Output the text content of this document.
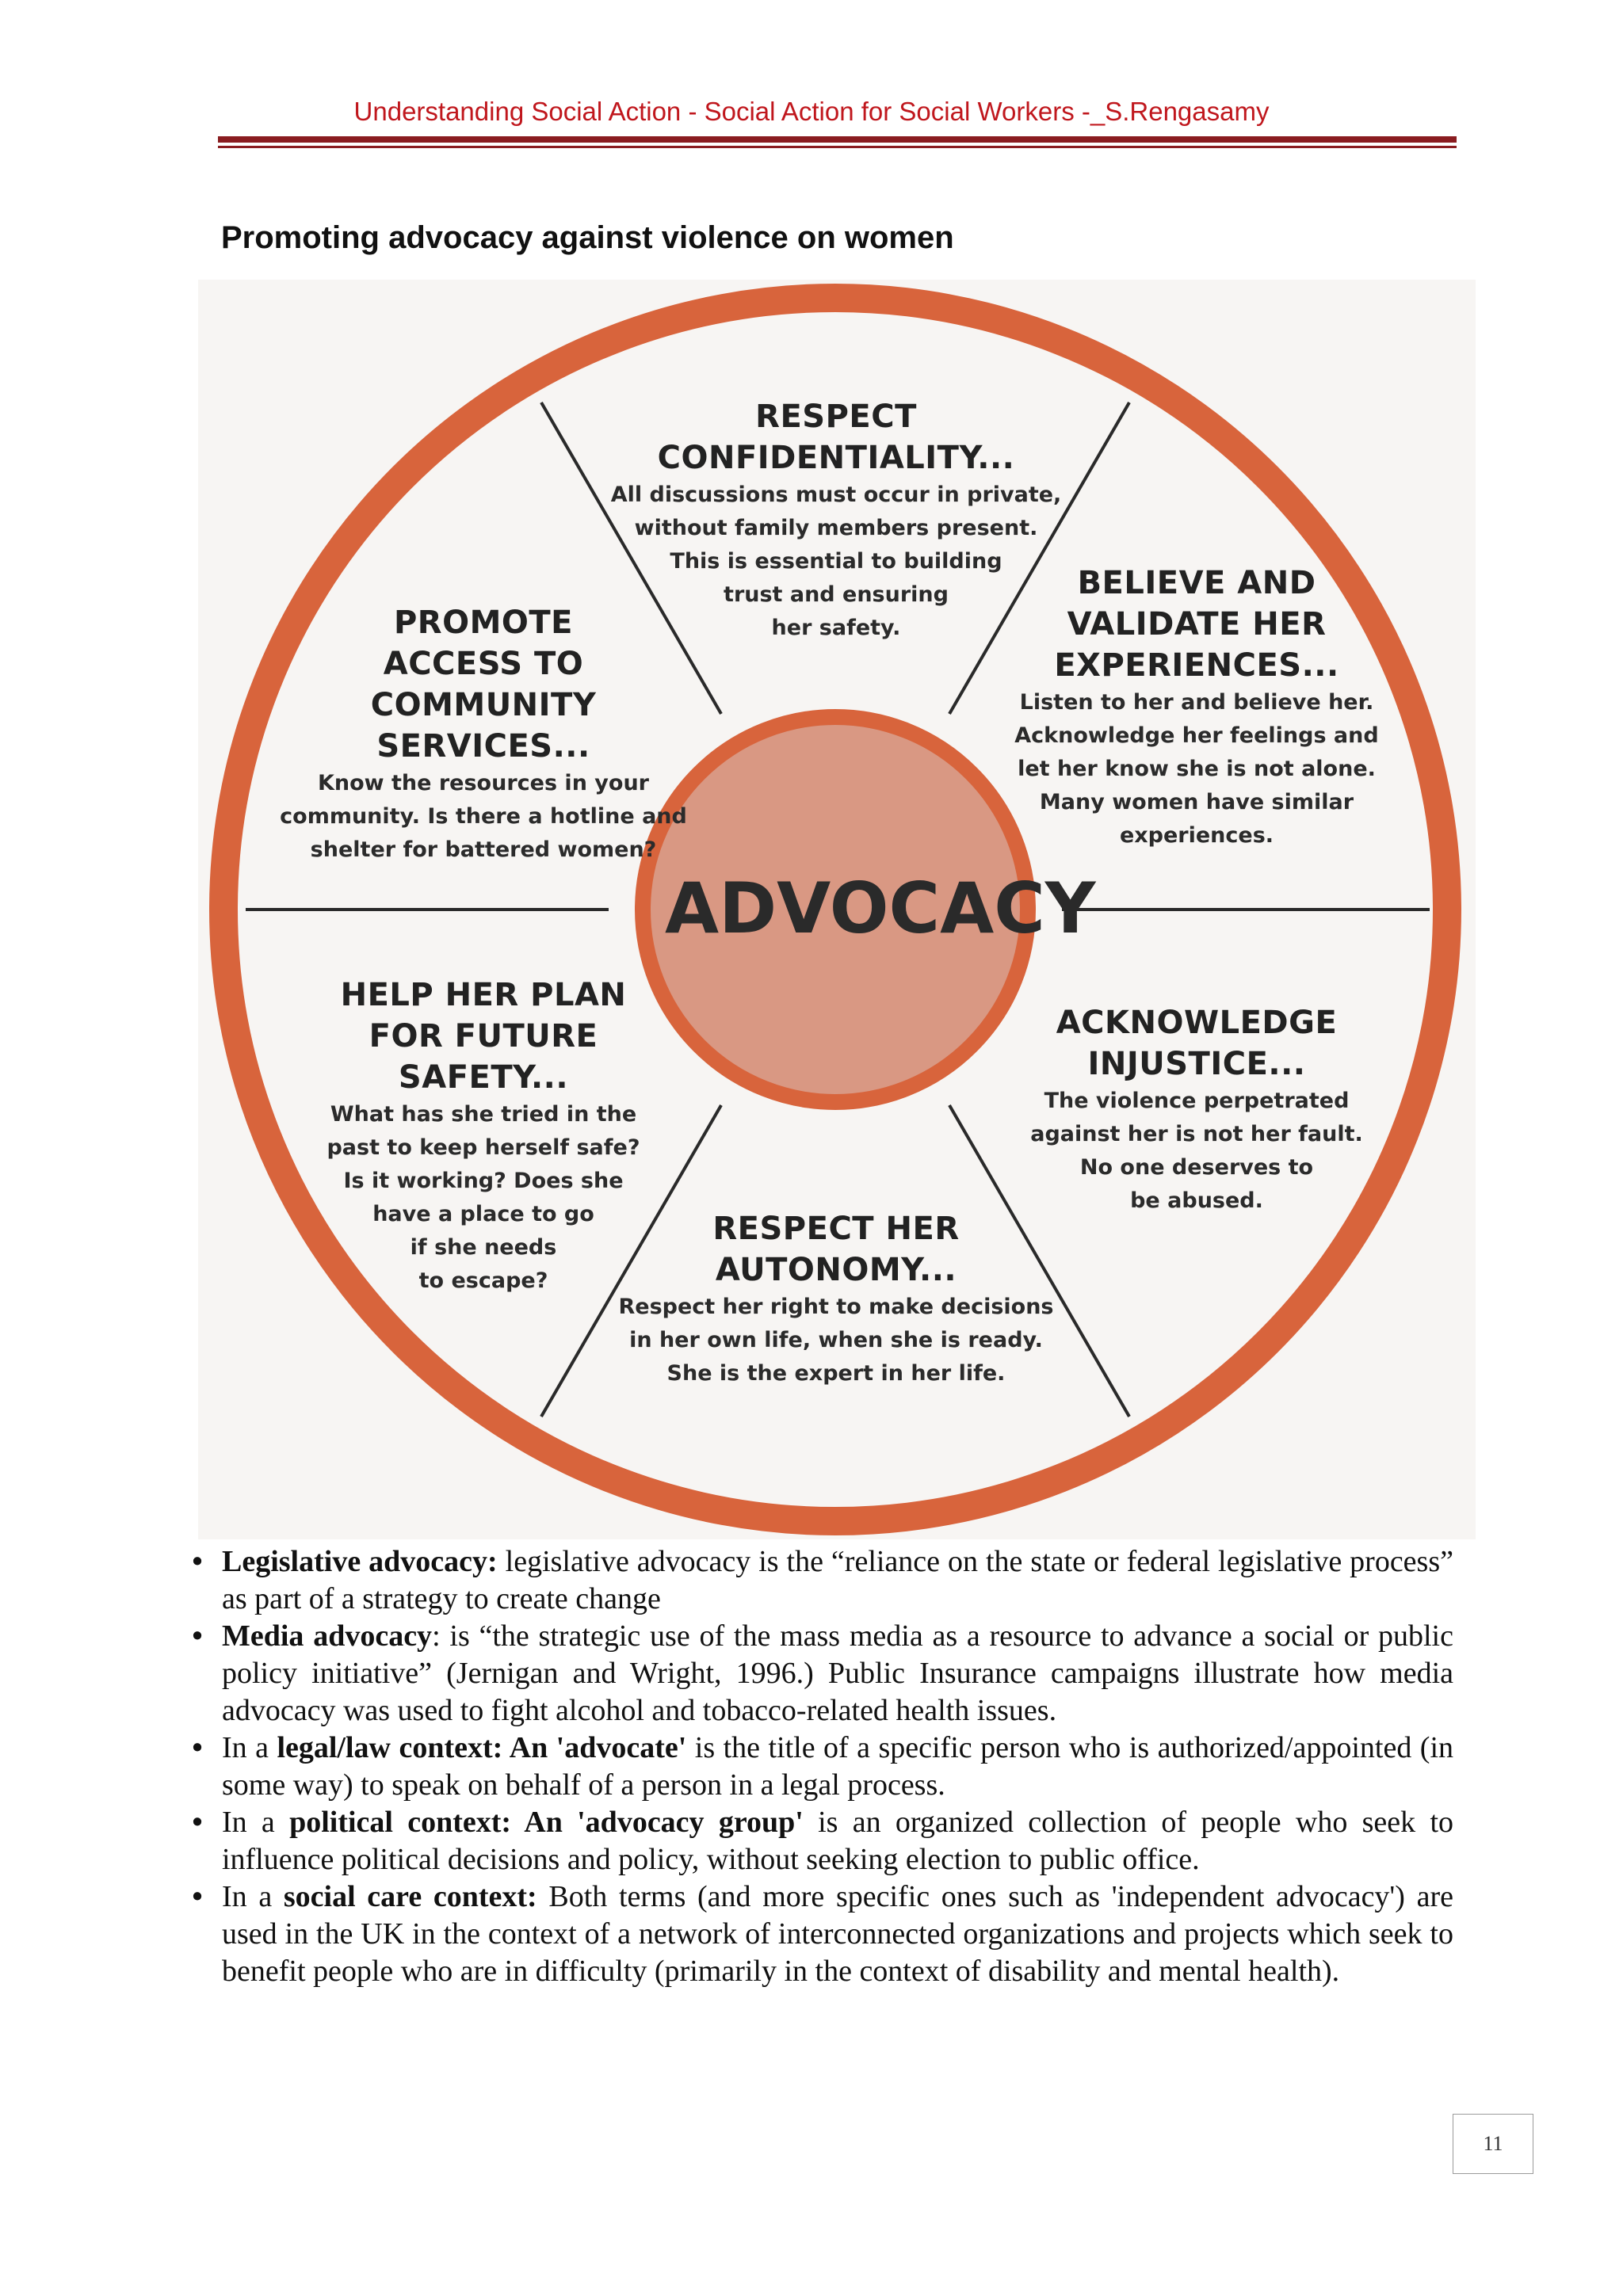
Understanding Social Action - Social Action for Social Workers -_S.Rengasamy
Promoting advocacy against violence on women
ADVOCACY
RESPECT
CONFIDENTIALITY...
All discussions must occur in private,
without family members present.
This is essential to building
trust and ensuring
her safety.
BELIEVE AND
VALIDATE HER
EXPERIENCES...
Listen to her and believe her.
Acknowledge her feelings and
let her know she is not alone.
Many women have similar
experiences.
ACKNOWLEDGE
INJUSTICE...
The violence perpetrated
against her is not her fault.
No one deserves to
be abused.
RESPECT HER
AUTONOMY...
Respect her right to make decisions
in her own life, when she is ready.
She is the expert in her life.
HELP HER PLAN
FOR FUTURE SAFETY...
What has she tried in the
past to keep herself safe?
Is it working? Does she
have a place to go
if she needs
to escape?
PROMOTE
ACCESS TO
COMMUNITY SERVICES...
Know the resources in your
community. Is there a hotline and
shelter for battered women?
• Legislative advocacy: legislative advocacy is the “reliance on the state or federal legislative process” as part of a strategy to create change
• Media advocacy: is “the strategic use of the mass media as a resource to advance a social or public policy initiative” (Jernigan and Wright, 1996.) Public Insurance campaigns illustrate how media advocacy was used to fight alcohol and tobacco-related health issues.
• In a legal/law context: An 'advocate' is the title of a specific person who is authorized/appointed (in some way) to speak on behalf of a person in a legal process.
• In a political context: An 'advocacy group' is an organized collection of people who seek to influence political decisions and policy, without seeking election to public office.
• In a social care context: Both terms (and more specific ones such as 'independent advocacy') are used in the UK in the context of a network of interconnected organizations and projects which seek to benefit people who are in difficulty (primarily in the context of disability and mental health).
11
